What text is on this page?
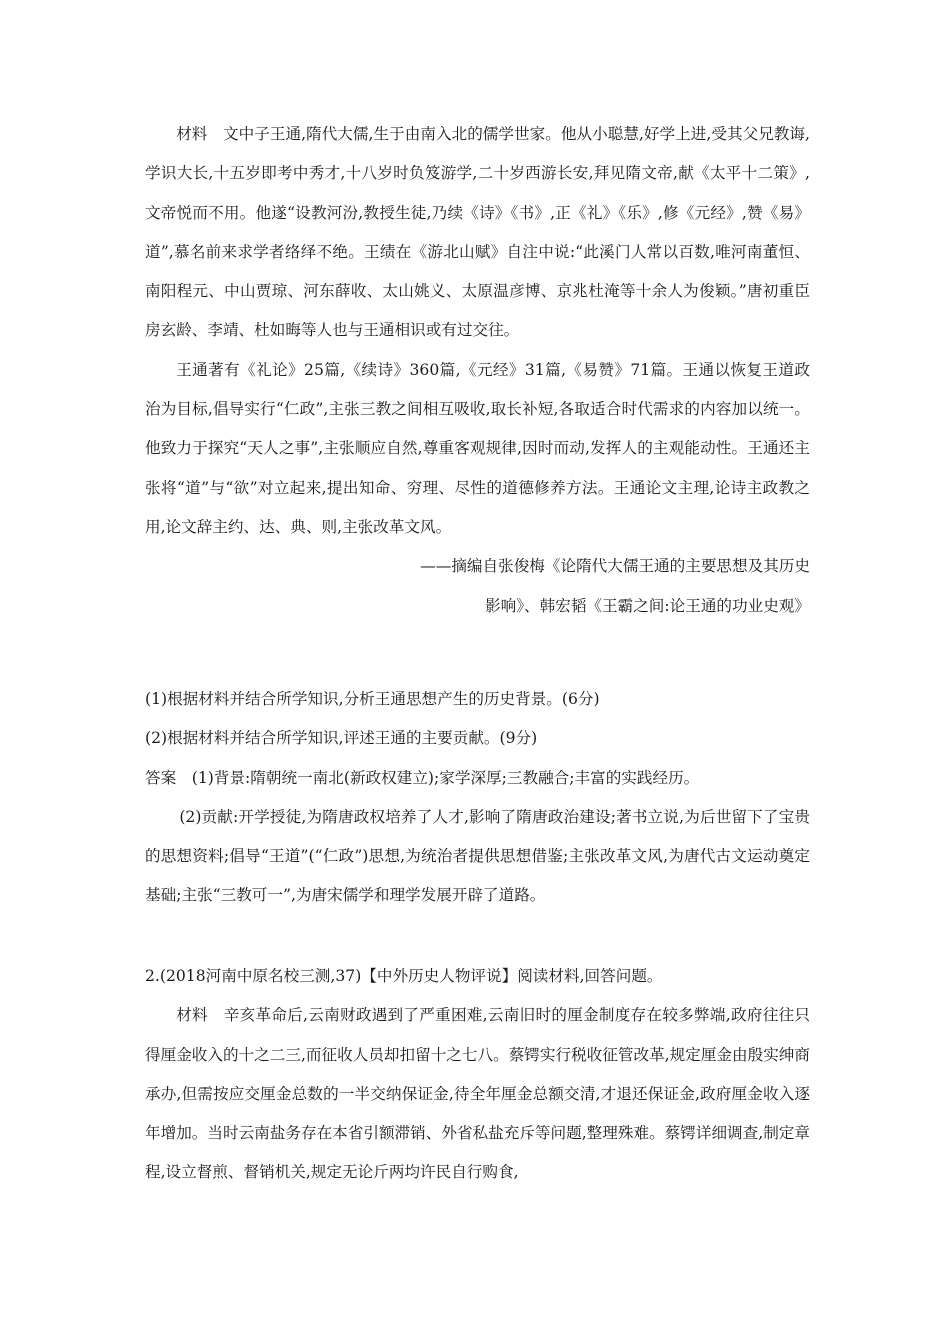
材料　文中子王通,隋代大儒,生于由南入北的儒学世家。他从小聪慧,好学上进,受其父兄教诲,学识大长,十五岁即考中秀才,十八岁时负笈游学,二十岁西游长安,拜见隋文帝,献《太平十二策》,文帝悦而不用。他遂“设教河汾,教授生徒,乃续《诗》《书》,正《礼》《乐》,修《元经》,赞《易》道”,慕名前来求学者络绎不绝。王绩在《游北山赋》自注中说:“此溪门人常以百数,唯河南董恒、南阳程元、中山贾琼、河东薛收、太山姚义、太原温彦博、京兆杜淹等十余人为俊颖。”唐初重臣房玄龄、李靖、杜如晦等人也与王通相识或有过交往。

王通著有《礼论》25篇,《续诗》360篇,《元经》31篇,《易赞》71篇。王通以恢复王道政治为目标,倡导实行“仁政”,主张三教之间相互吸收,取长补短,各取适合时代需求的内容加以统一。他致力于探究“天人之事”,主张顺应自然,尊重客观规律,因时而动,发挥人的主观能动性。王通还主张将“道”与“欲”对立起来,提出知命、穷理、尽性的道德修养方法。王通论文主理,论诗主政教之用,论文辞主约、达、典、则,主张改革文风。

——摘编自张俊梅《论隋代大儒王通的主要思想及其历史

影响》、韩宏韬《王霸之间:论王通的功业史观》

(1)根据材料并结合所学知识,分析王通思想产生的历史背景。(6分)

(2)根据材料并结合所学知识,评述王通的主要贡献。(9分)

答案　(1)背景:隋朝统一南北(新政权建立);家学深厚;三教融合;丰富的实践经历。

(2)贡献:开学授徒,为隋唐政权培养了人才,影响了隋唐政治建设;著书立说,为后世留下了宝贵的思想资料;倡导“王道”(“仁政”)思想,为统治者提供思想借鉴;主张改革文风,为唐代古文运动奠定基础;主张“三教可一”,为唐宋儒学和理学发展开辟了道路。

2.(2018河南中原名校三测,37)【中外历史人物评说】阅读材料,回答问题。

材料　辛亥革命后,云南财政遇到了严重困难,云南旧时的厘金制度存在较多弊端,政府往往只得厘金收入的十之二三,而征收人员却扣留十之七八。蔡锷实行税收征管改革,规定厘金由殷实绅商承办,但需按应交厘金总数的一半交纳保证金,待全年厘金总额交清,才退还保证金,政府厘金收入逐年增加。当时云南盐务存在本省引额滞销、外省私盐充斥等问题,整理殊难。蔡锷详细调查,制定章程,设立督煎、督销机关,规定无论斤两均许民自行购食,
